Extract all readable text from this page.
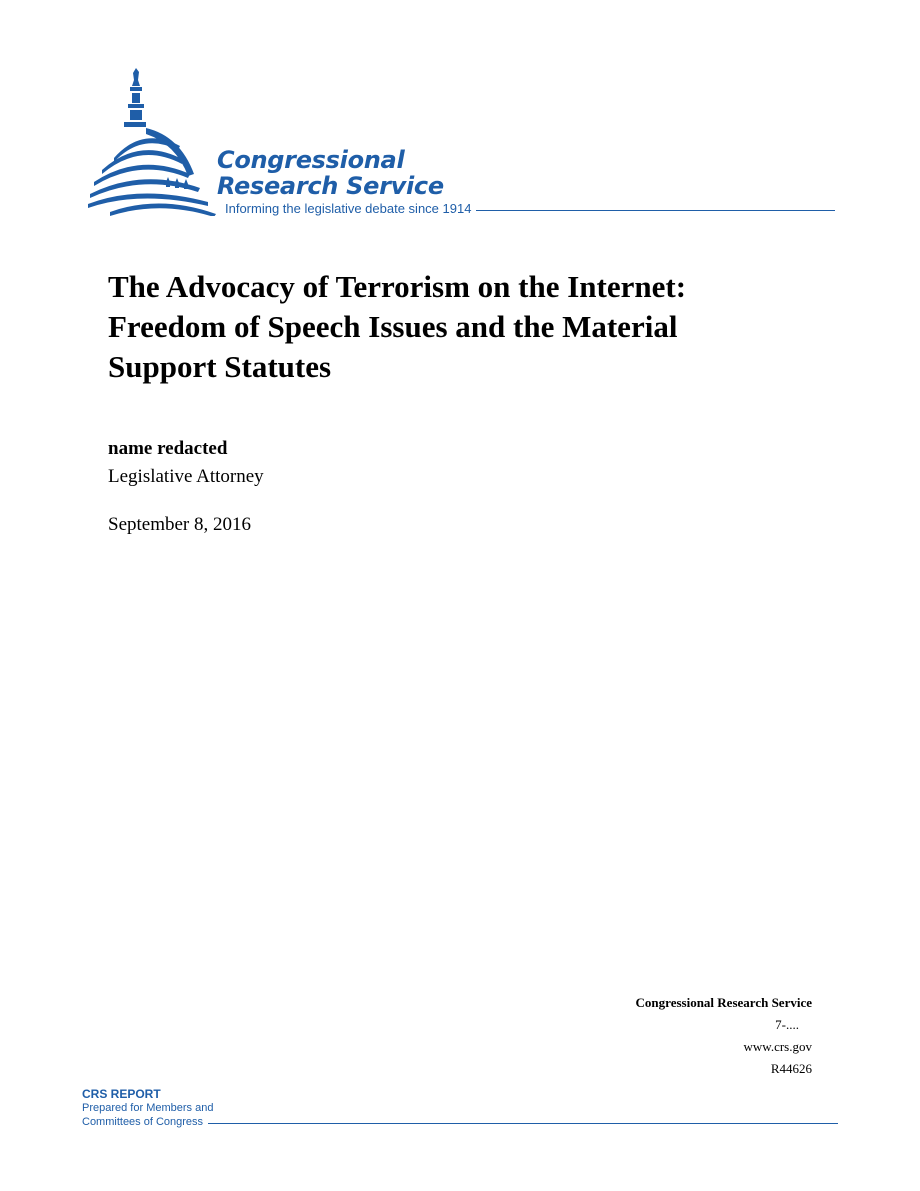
Congressional
Research Service
Informing the legislative debate since 1914
The Advocacy of Terrorism on the Internet:
Freedom of Speech Issues and the Material
Support Statutes
name redacted
Legislative Attorney
September 8, 2016
Congressional Research Service
7-....
www.crs.gov
R44626
CRS REPORT
Prepared for Members and
Committees of Congress
